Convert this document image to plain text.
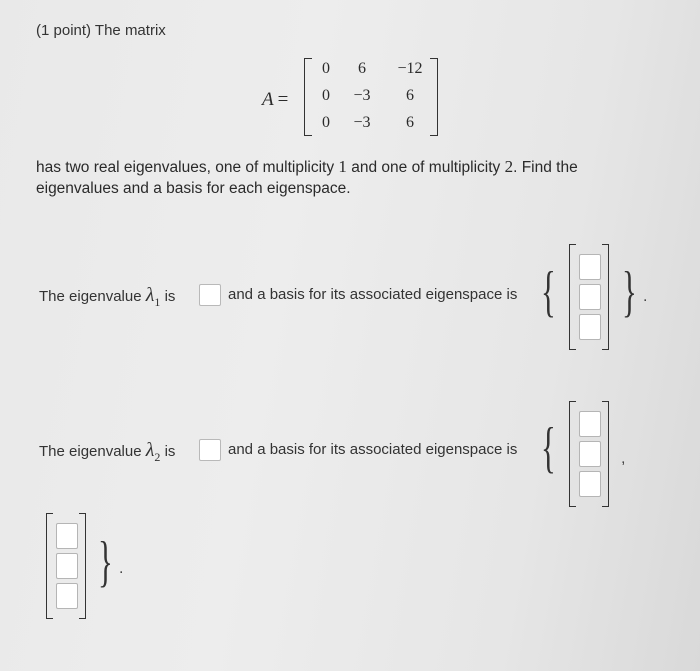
(1 point) The matrix
A =
0	6	−12
0	−3	6
0	−3	6
has two real eigenvalues, one of multiplicity 1 and one of multiplicity 2. Find the eigenvalues and a basis for each eigenspace.
The eigenvalue $\lambda_1$ is	and a basis for its associated eigenspace is { } .
The eigenvalue $\lambda_2$ is	and a basis for its associated eigenspace is {	,
} .
